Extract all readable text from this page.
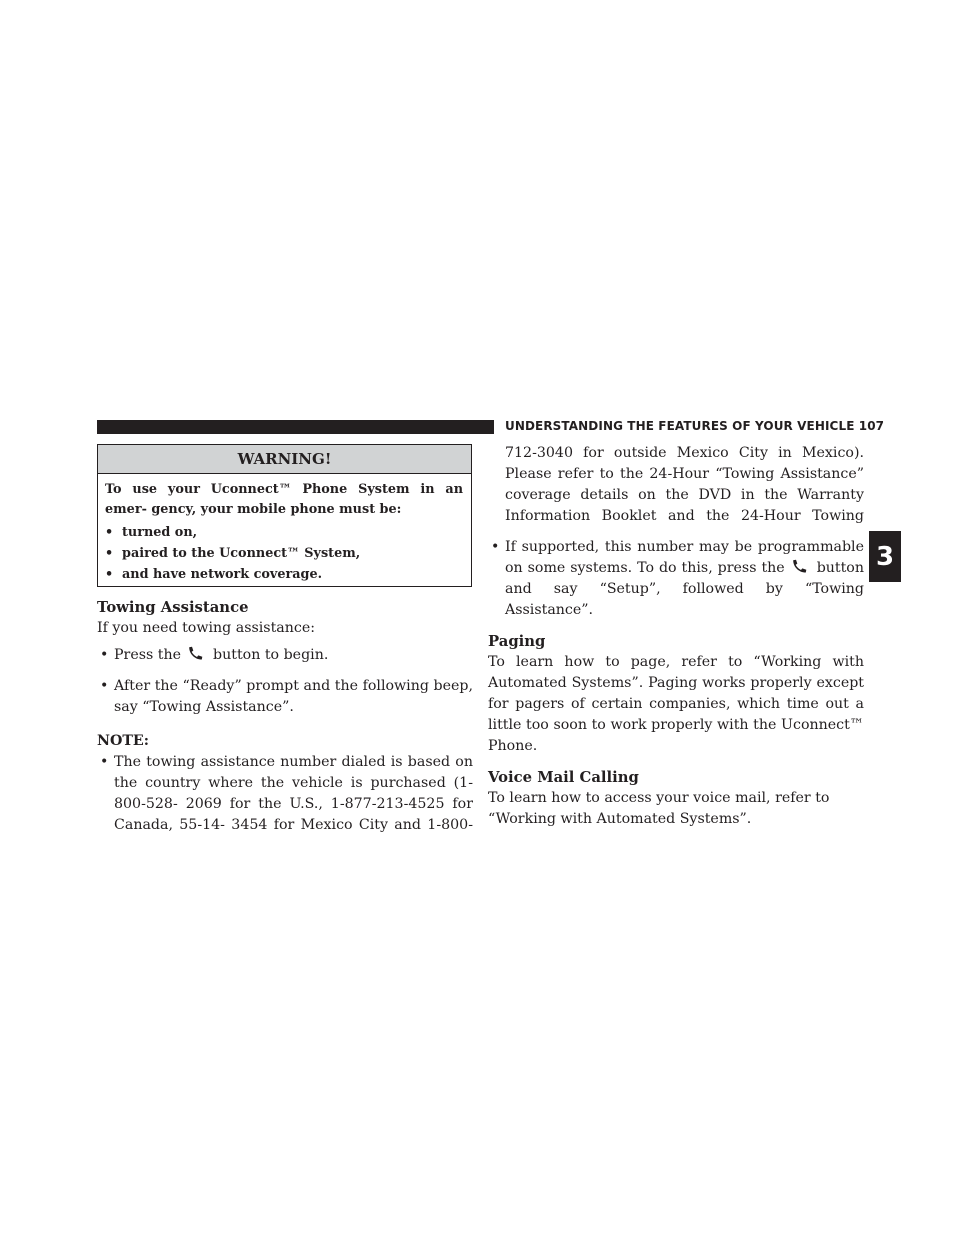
UNDERSTANDING THE FEATURES OF YOUR VEHICLE 107
3
WARNING!
To use your Uconnect™ Phone System in an emer- gency, your mobile phone must be:
• turned on,
• paired to the Uconnect™ System,
• and have network coverage.
Towing Assistance

If you need towing assistance:

• Press the button to begin.
• After the “Ready” prompt and the following beep, say “Towing Assistance”.

NOTE:

• The towing assistance number dialed is based on the country where the vehicle is purchased (1-800-528- 2069 for the U.S., 1-877-213-4525 for Canada, 55-14- 3454 for Mexico City and 1-800-
712-3040 for outside Mexico City in Mexico). Please refer to the 24-Hour “Towing Assistance” coverage details on the DVD in the Warranty Information Booklet and the 24-Hour Towing
• If supported, this number may be programmable on some systems. To do this, press the button and say “Setup”, followed by “Towing Assistance”.
Paging

To learn how to page, refer to “Working with Automated Systems”. Paging works properly except for pagers of certain companies, which time out a little too soon to work properly with the Uconnect™ Phone.

Voice Mail Calling

To learn how to access your voice mail, refer to “Working with Automated Systems”.
